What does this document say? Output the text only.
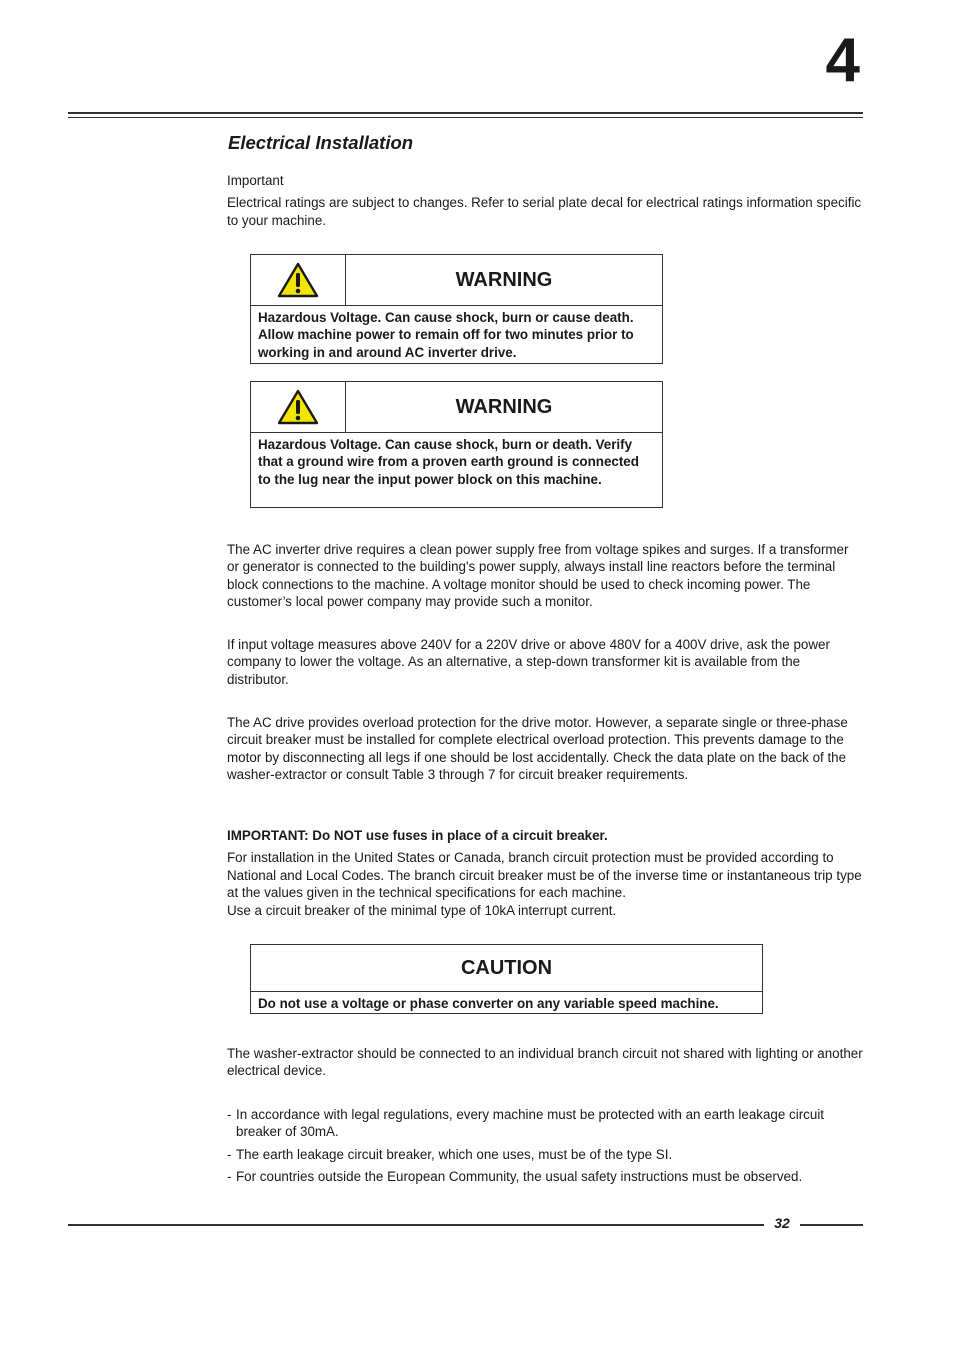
4
Electrical Installation

Important

Electrical ratings are subject to changes. Refer to serial plate decal for electrical ratings information specific to your machine.

WARNING
Hazardous Voltage. Can cause shock, burn or cause death. Allow machine power to remain off for two minutes prior to working in and around AC inverter drive.
WARNING
Hazardous Voltage. Can cause shock, burn or death. Verify that a ground wire from a proven earth ground is connected to the lug near the input power block on this machine.

The AC inverter drive requires a clean power supply free from voltage spikes and surges. If a transformer or generator is connected to the building's power supply, always install line reactors before the terminal block connections to the machine. A voltage monitor should be used to check incoming power. The customer’s local power company may provide such a monitor.

If input voltage measures above 240V for a 220V drive or above 480V for a 400V drive, ask the power company to lower the voltage. As an alternative, a step-down transformer kit is available from the distributor.

The AC drive provides overload protection for the drive motor. However, a separate single or three-phase circuit breaker must be installed for complete electrical overload protection. This prevents damage to the motor by disconnecting all legs if one should be lost accidentally. Check the data plate on the back of the washer-extractor or consult Table 3 through 7 for circuit breaker requirements.

IMPORTANT: Do NOT use fuses in place of a circuit breaker.

For installation in the United States or Canada, branch circuit protection must be provided according to National and Local Codes. The branch circuit breaker must be of the inverse time or instantaneous trip type at the values given in the technical specifications for each machine.

Use a circuit breaker of the minimal type of 10kA interrupt current.

CAUTION
Do not use a voltage or phase converter on any variable speed machine.

The washer-extractor should be connected to an individual branch circuit not shared with lighting or another electrical device.

- In accordance with legal regulations, every machine must be protected with an earth leakage circuit breaker of 30mA.
- The earth leakage circuit breaker, which one uses, must be of the type SI.
- For countries outside the European Community, the usual safety instructions must be observed.
32
